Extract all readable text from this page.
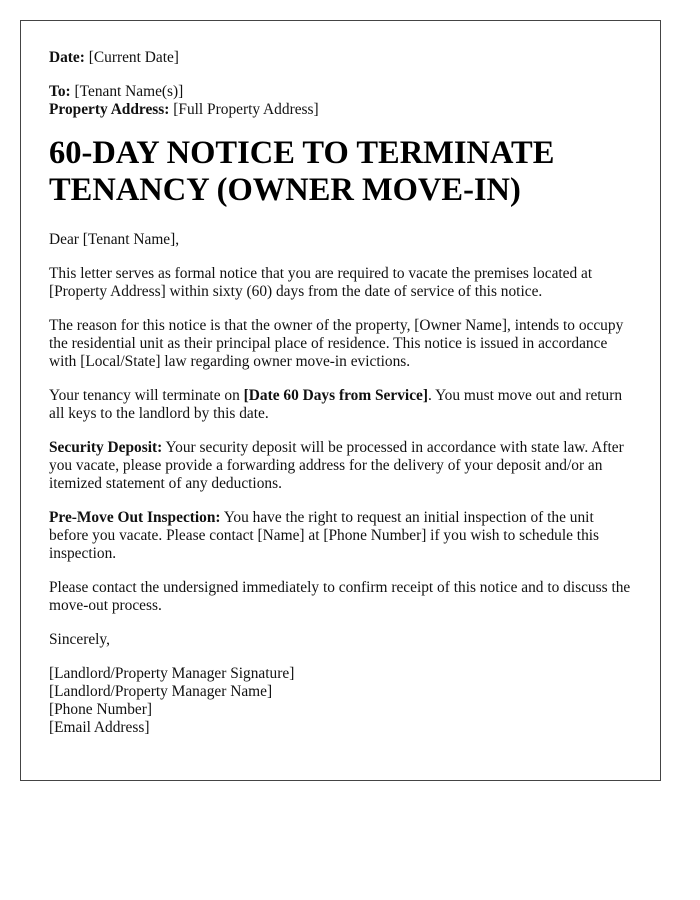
Date: [Current Date]

To: [Tenant Name(s)]

Property Address: [Full Property Address]

60-DAY NOTICE TO TERMINATE TENANCY (OWNER MOVE-IN)

Dear [Tenant Name],

This letter serves as formal notice that you are required to vacate the premises located at [Property Address] within sixty (60) days from the date of service of this notice.

The reason for this notice is that the owner of the property, [Owner Name], intends to occupy the residential unit as their principal place of residence. This notice is issued in accordance with [Local/State] law regarding owner move-in evictions.

Your tenancy will terminate on [Date 60 Days from Service]. You must move out and return all keys to the landlord by this date.

Security Deposit: Your security deposit will be processed in accordance with state law. After you vacate, please provide a forwarding address for the delivery of your deposit and/or an itemized statement of any deductions.

Pre-Move Out Inspection: You have the right to request an initial inspection of the unit before you vacate. Please contact [Name] at [Phone Number] if you wish to schedule this inspection.

Please contact the undersigned immediately to confirm receipt of this notice and to discuss the move-out process.

Sincerely,

[Landlord/Property Manager Signature]

[Landlord/Property Manager Name]

[Phone Number]

[Email Address]
